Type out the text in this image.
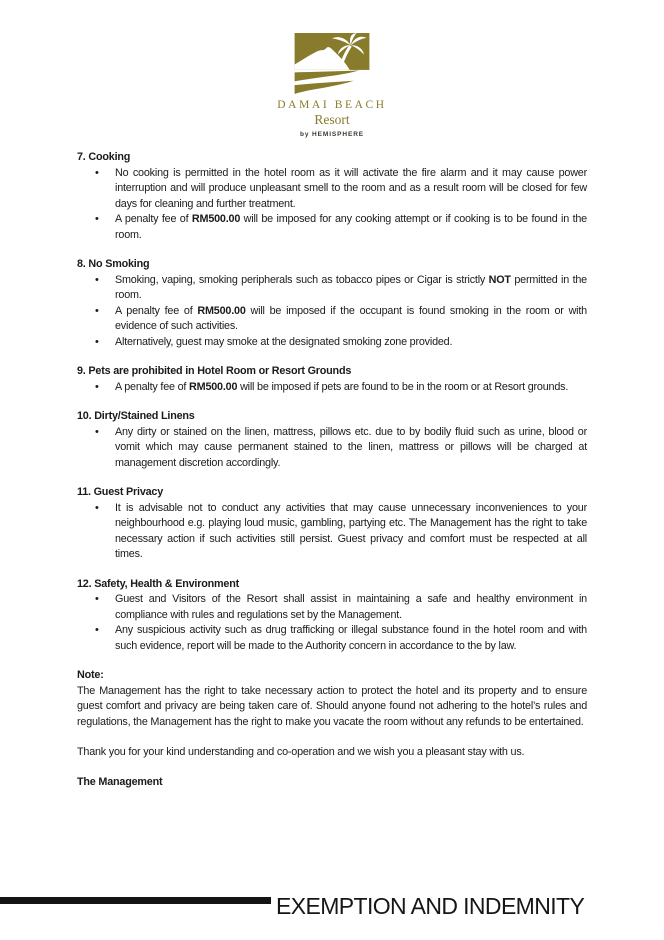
DAMAI BEACH
Resort
by HEMISPHERE
7. Cooking
• No cooking is permitted in the hotel room as it will activate the fire alarm and it may cause power interruption and will produce unpleasant smell to the room and as a result room will be closed for few days for cleaning and further treatment.
• A penalty fee of RM500.00 will be imposed for any cooking attempt or if cooking is to be found in the room.
8. No Smoking
• Smoking, vaping, smoking peripherals such as tobacco pipes or Cigar is strictly NOT permitted in the room.
• A penalty fee of RM500.00 will be imposed if the occupant is found smoking in the room or with evidence of such activities.
• Alternatively, guest may smoke at the designated smoking zone provided.
9. Pets are prohibited in Hotel Room or Resort Grounds
• A penalty fee of RM500.00 will be imposed if pets are found to be in the room or at Resort grounds.
10. Dirty/Stained Linens
• Any dirty or stained on the linen, mattress, pillows etc. due to by bodily fluid such as urine, blood or vomit which may cause permanent stained to the linen, mattress or pillows will be charged at management discretion accordingly.
11. Guest Privacy
• It is advisable not to conduct any activities that may cause unnecessary inconveniences to your neighbourhood e.g. playing loud music, gambling, partying etc. The Management has the right to take necessary action if such activities still persist. Guest privacy and comfort must be respected at all times.
12. Safety, Health & Environment
• Guest and Visitors of the Resort shall assist in maintaining a safe and healthy environment in compliance with rules and regulations set by the Management.
• Any suspicious activity such as drug trafficking or illegal substance found in the hotel room and with such evidence, report will be made to the Authority concern in accordance to the by law.
Note:

The Management has the right to take necessary action to protect the hotel and its property and to ensure guest comfort and privacy are being taken care of. Should anyone found not adhering to the hotel’s rules and regulations, the Management has the right to make you vacate the room without any refunds to be entertained.

Thank you for your kind understanding and co-operation and we wish you a pleasant stay with us.

The Management
EXEMPTION AND INDEMNITY
